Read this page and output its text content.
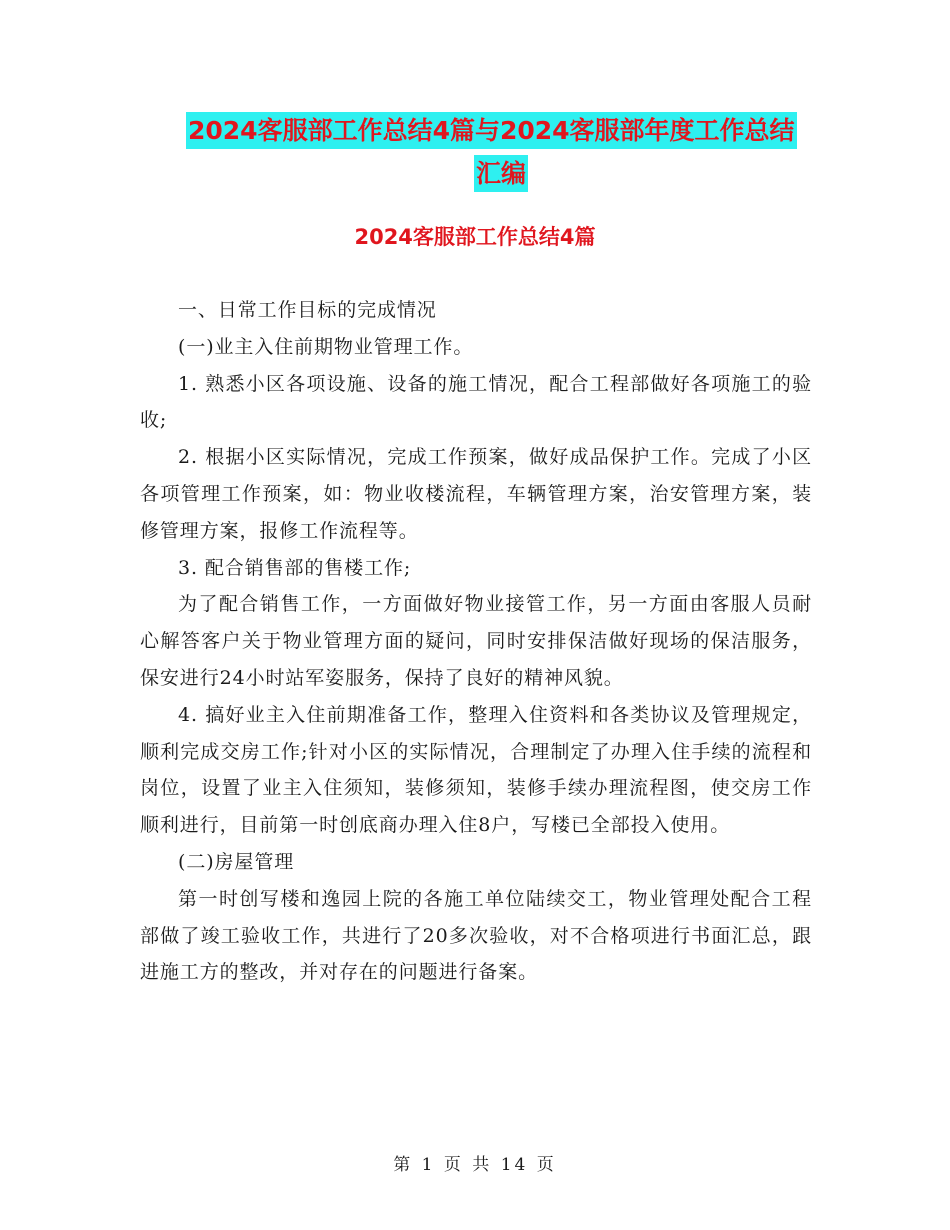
2024客服部工作总结4篇与2024客服部年度工作总结
汇编
2024客服部工作总结4篇

一、日常工作目标的完成情况

(一)业主入住前期物业管理工作。

1. 熟悉小区各项设施、设备的施工情况，配合工程部做好各项施工的验收;

2. 根据小区实际情况，完成工作预案，做好成品保护工作。完成了小区各项管理工作预案，如：物业收楼流程，车辆管理方案，治安管理方案，装修管理方案，报修工作流程等。

3. 配合销售部的售楼工作;

为了配合销售工作，一方面做好物业接管工作，另一方面由客服人员耐心解答客户关于物业管理方面的疑问，同时安排保洁做好现场的保洁服务，保安进行24小时站军姿服务，保持了良好的精神风貌。

4. 搞好业主入住前期准备工作，整理入住资料和各类协议及管理规定，顺利完成交房工作;针对小区的实际情况，合理制定了办理入住手续的流程和岗位，设置了业主入住须知，装修须知，装修手续办理流程图，使交房工作顺利进行，目前第一时创底商办理入住8户，写楼已全部投入使用。

(二)房屋管理

第一时创写楼和逸园上院的各施工单位陆续交工，物业管理处配合工程部做了竣工验收工作，共进行了20多次验收，对不合格项进行书面汇总，跟进施工方的整改，并对存在的问题进行备案。

第 1 页 共 14 页
